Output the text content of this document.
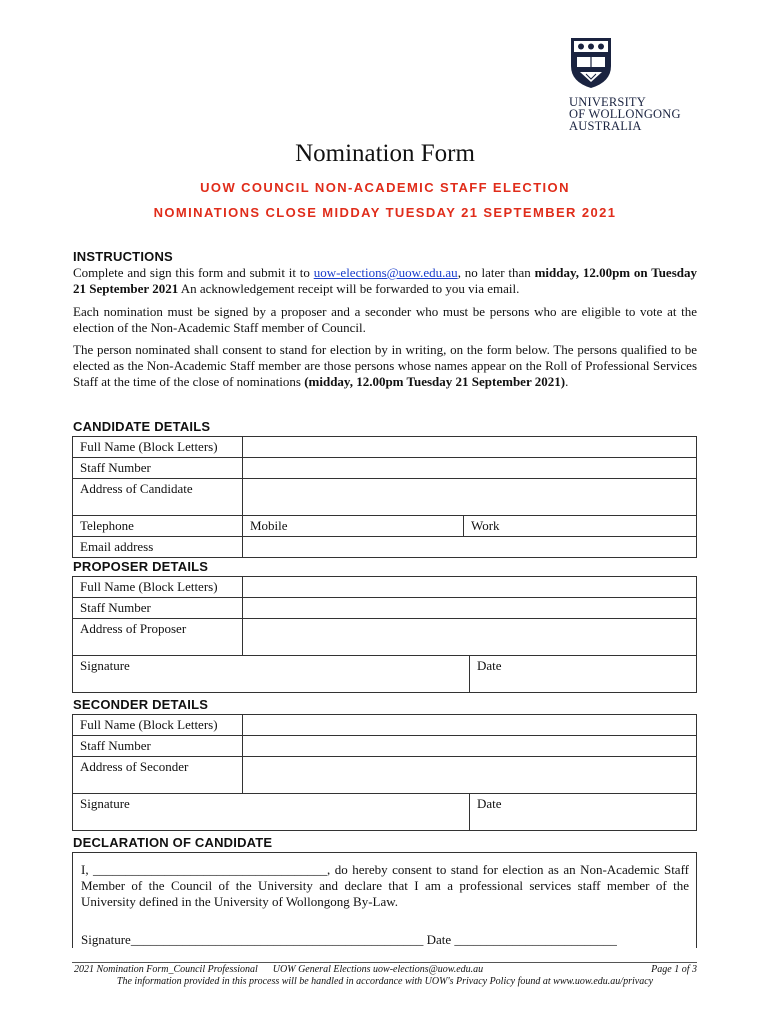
UNIVERSITY
OF WOLLONGONG
AUSTRALIA
Nomination Form
UOW COUNCIL NON-ACADEMIC STAFF ELECTION
NOMINATIONS CLOSE MIDDAY TUESDAY 21 SEPTEMBER 2021
INSTRUCTIONS
Complete and sign this form and submit it to uow-elections@uow.edu.au, no later than midday, 12.00pm on Tuesday 21 September 2021 An acknowledgement receipt will be forwarded to you via email.
Each nomination must be signed by a proposer and a seconder who must be persons who are eligible to vote at the election of the Non-Academic Staff member of Council.
The person nominated shall consent to stand for election by in writing, on the form below. The persons qualified to be elected as the Non-Academic Staff member are those persons whose names appear on the Roll of Professional Services Staff at the time of the close of nominations (midday, 12.00pm Tuesday 21 September 2021).
CANDIDATE DETAILS
Full Name (Block Letters)		
Staff Number		
Address of Candidate		
Telephone	Mobile	Work
Email address		
PROPOSER DETAILS
Full Name (Block Letters)		
Staff Number		
Address of Proposer		
Signature		Date
SECONDER DETAILS
Full Name (Block Letters)		
Staff Number		
Address of Seconder		
Signature		Date
DECLARATION OF CANDIDATE
I, ____________________________________, do hereby consent to stand for election as an Non-Academic Staff Member of the Council of the University and declare that I am a professional services staff member of the University defined in the University of Wollongong By-Law.
Signature_____________________________________________ Date _________________________
2021 Nomination Form_Council Professional      UOW General Elections uow-elections@uow.edu.au	Page 1 of 3
The information provided in this process will be handled in accordance with UOW's Privacy Policy found at www.uow.edu.au/privacy
